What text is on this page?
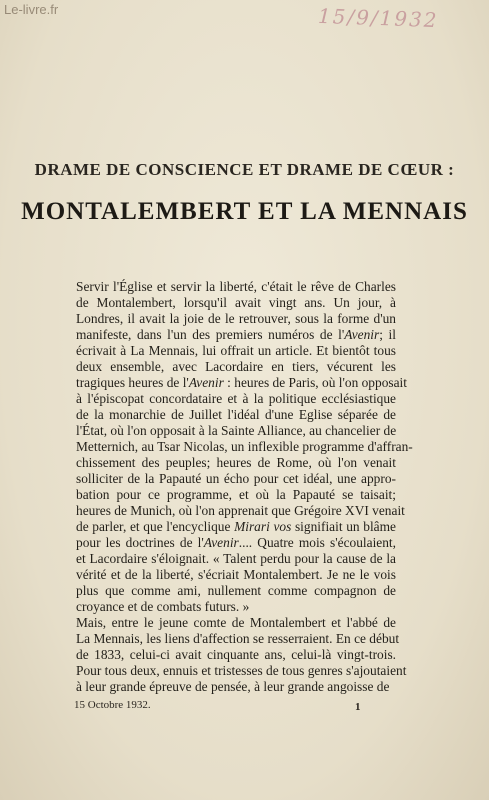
Le-livre.fr	15/9/1932
DRAME DE CONSCIENCE ET DRAME DE CŒUR :
MONTALEMBERT ET LA MENNAIS

Servir l'Église et servir la liberté, c'était le rêve de Charles
de Montalembert, lorsqu'il avait vingt ans. Un jour, à
Londres, il avait la joie de le retrouver, sous la forme d'un
manifeste, dans l'un des premiers numéros de l'Avenir; il
écrivait à La Mennais, lui offrait un article. Et bientôt tous
deux ensemble, avec Lacordaire en tiers, vécurent les
tragiques heures de l'Avenir : heures de Paris, où l'on opposait
à l'épiscopat concordataire et à la politique ecclésiastique
de la monarchie de Juillet l'idéal d'une Eglise séparée de
l'État, où l'on opposait à la Sainte Alliance, au chancelier de
Metternich, au Tsar Nicolas, un inflexible programme d'affran-
chissement des peuples; heures de Rome, où l'on venait
solliciter de la Papauté un écho pour cet idéal, une appro-
bation pour ce programme, et où la Papauté se taisait;
heures de Munich, où l'on apprenait que Grégoire XVI venait
de parler, et que l'encyclique Mirari vos signifiait un blâme
pour les doctrines de l'Avenir.... Quatre mois s'écoulaient,
et Lacordaire s'éloignait. « Talent perdu pour la cause de la
vérité et de la liberté, s'écriait Montalembert. Je ne le vois
plus que comme ami, nullement comme compagnon de
croyance et de combats futurs. »

Mais, entre le jeune comte de Montalembert et l'abbé de
La Mennais, les liens d'affection se resserraient. En ce début
de 1833, celui-ci avait cinquante ans, celui-là vingt-trois.
Pour tous deux, ennuis et tristesses de tous genres s'ajoutaient
à leur grande épreuve de pensée, à leur grande angoisse de

15 Octobre 1932.	1
